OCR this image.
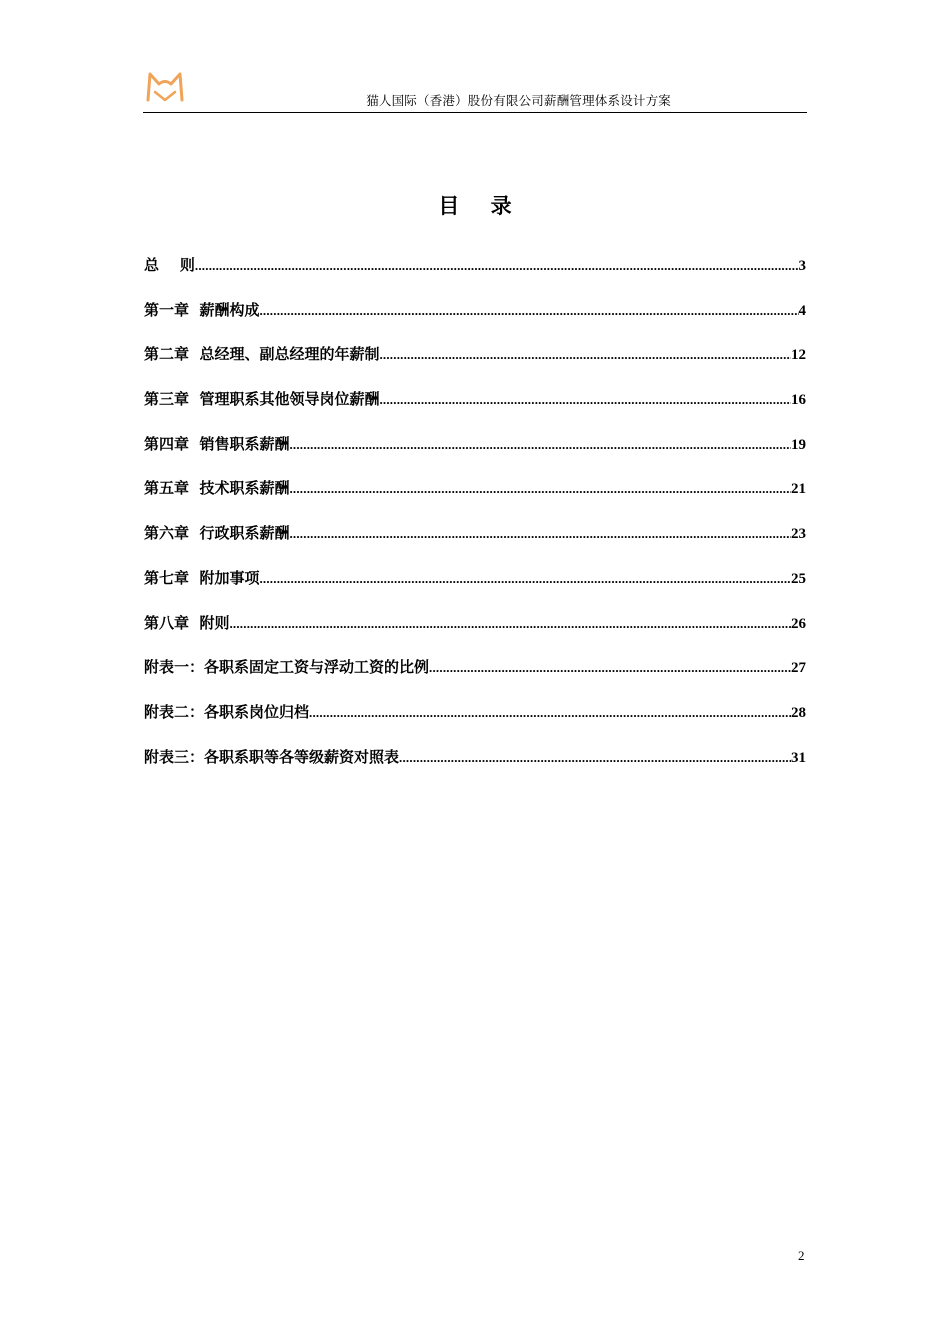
猫人国际（香港）股份有限公司薪酬管理体系设计方案
目 录
总    则 .....	3
第一章  薪酬构成 .....	4
第二章  总经理、副总经理的年薪制 .....	12
第三章  管理职系其他领导岗位薪酬 .....	16
第四章  销售职系薪酬 .....	19
第五章  技术职系薪酬 .....	21
第六章  行政职系薪酬 .....	23
第七章  附加事项 .....	25
第八章  附则 .....	26
附表一：各职系固定工资与浮动工资的比例 .....	27
附表二：各职系岗位归档 .....	28
附表三：各职系职等各等级薪资对照表 .....	31
2
